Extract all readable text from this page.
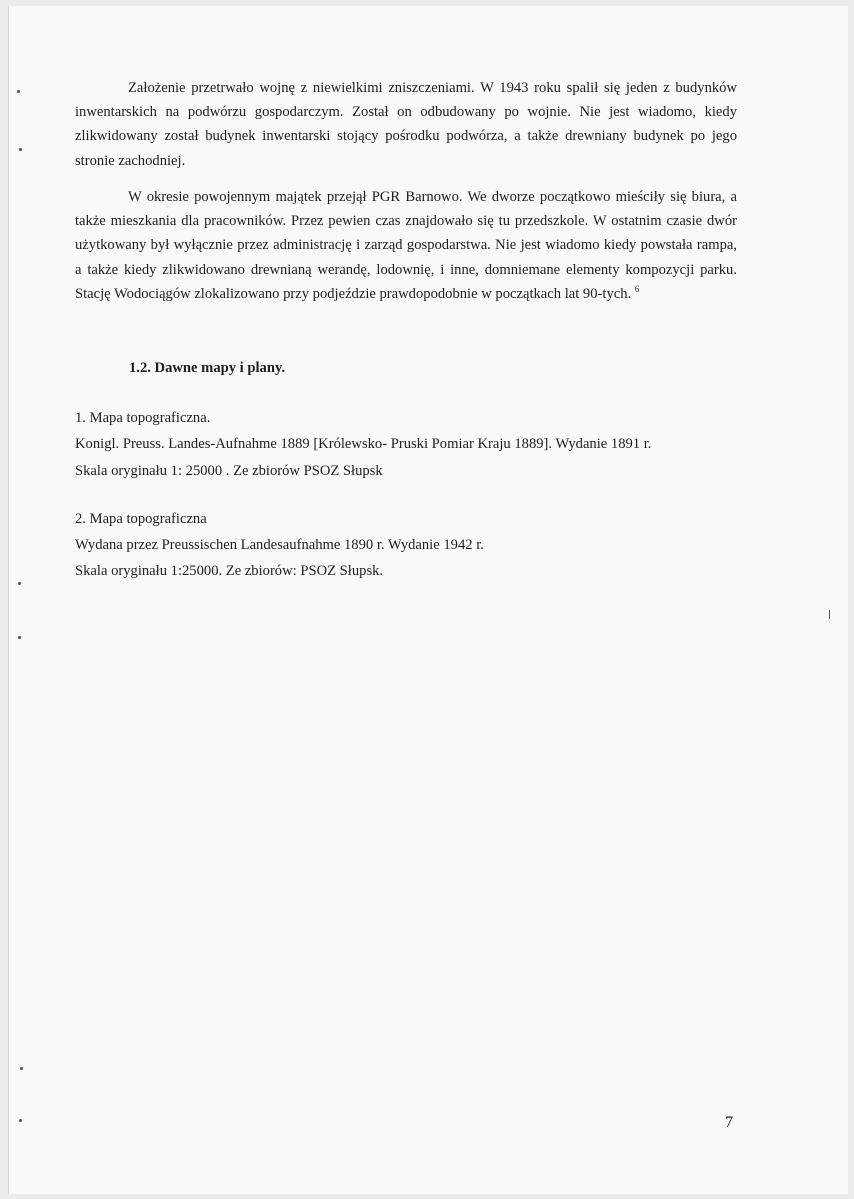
Założenie przetrwało wojnę z niewielkimi zniszczeniami. W 1943 roku spalił się jeden z budynków inwentarskich na podwórzu gospodarczym. Został on odbudowany po wojnie. Nie jest wiadomo, kiedy zlikwidowany został budynek inwentarski stojący pośrodku podwórza, a także drewniany budynek po jego stronie zachodniej.

W okresie powojennym majątek przejął PGR Barnowo. We dworze początkowo mieściły się biura, a także mieszkania dla pracowników. Przez pewien czas znajdowało się tu przedszkole. W ostatnim czasie dwór użytkowany był wyłącznie przez administrację i zarząd gospodarstwa. Nie jest wiadomo kiedy powstała rampa, a także kiedy zlikwidowano drewnianą werandę, lodownię, i inne, domniemane elementy kompozycji parku. Stację Wodociągów zlokalizowano przy podjeździe prawdopodobnie w początkach lat 90-tych. $^6$

1.2. Dawne mapy i plany.

1. Mapa topograficzna.

Konigl. Preuss. Landes-Aufnahme 1889 [Królewsko- Pruski Pomiar Kraju 1889]. Wydanie 1891 r.

Skala oryginału 1: 25000 . Ze zbiorów PSOZ Słupsk

2. Mapa topograficzna

Wydana przez Preussischen Landesaufnahme 1890 r. Wydanie 1942 r.

Skala oryginału 1:25000. Ze zbiorów: PSOZ Słupsk.

7
